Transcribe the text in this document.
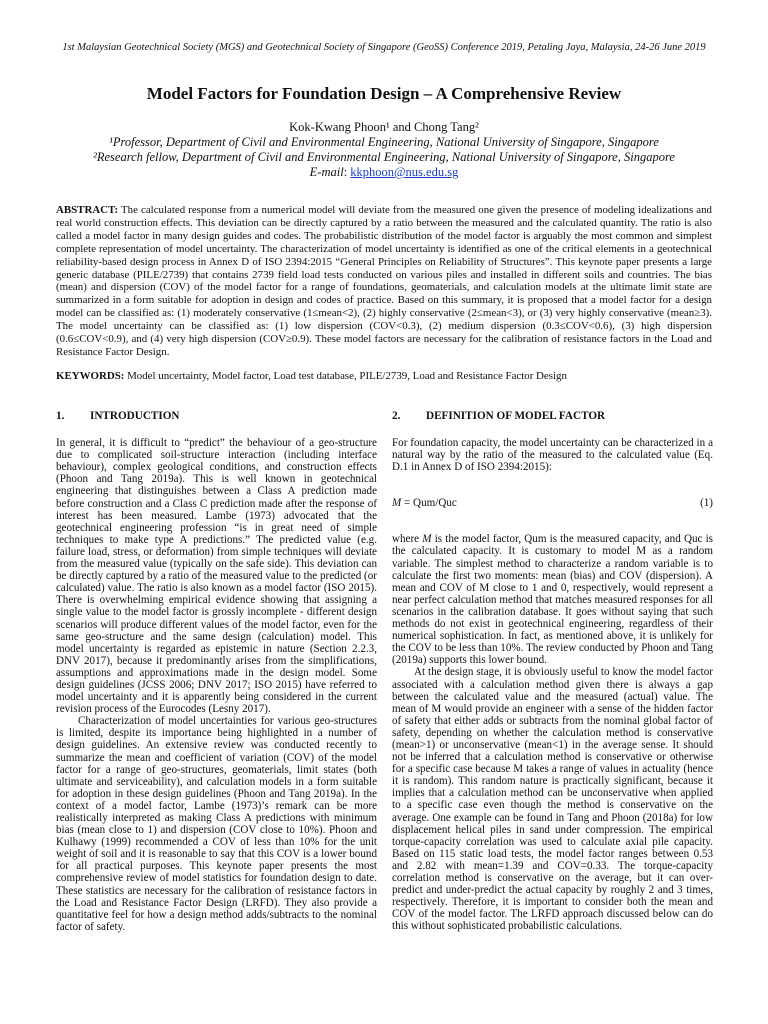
1st Malaysian Geotechnical Society (MGS) and Geotechnical Society of Singapore (GeoSS) Conference 2019, Petaling Jaya, Malaysia, 24-26 June 2019
Model Factors for Foundation Design – A Comprehensive Review
Kok-Kwang Phoon¹ and Chong Tang²
¹Professor, Department of Civil and Environmental Engineering, National University of Singapore, Singapore
²Research fellow, Department of Civil and Environmental Engineering, National University of Singapore, Singapore
E-mail: kkphoon@nus.edu.sg
ABSTRACT: The calculated response from a numerical model will deviate from the measured one given the presence of modeling idealizations and real world construction effects. This deviation can be directly captured by a ratio between the measured and the calculated quantity. The ratio is also called a model factor in many design guides and codes. The probabilistic distribution of the model factor is arguably the most common and simplest complete representation of model uncertainty. The characterization of model uncertainty is identified as one of the critical elements in a geotechnical reliability-based design process in Annex D of ISO 2394:2015 “General Principles on Reliability of Structures”. This keynote paper presents a large generic database (PILE/2739) that contains 2739 field load tests conducted on various piles and installed in different soils and countries. The bias (mean) and dispersion (COV) of the model factor for a range of foundations, geomaterials, and calculation models at the ultimate limit state are summarized in a form suitable for adoption in design and codes of practice. Based on this summary, it is proposed that a model factor for a design model can be classified as: (1) moderately conservative (1≤mean<2), (2) highly conservative (2≤mean<3), or (3) very highly conservative (mean≥3). The model uncertainty can be classified as: (1) low dispersion (COV<0.3), (2) medium dispersion (0.3≤COV<0.6), (3) high dispersion (0.6≤COV<0.9), and (4) very high dispersion (COV≥0.9). These model factors are necessary for the calibration of resistance factors in the Load and Resistance Factor Design.
KEYWORDS: Model uncertainty, Model factor, Load test database, PILE/2739, Load and Resistance Factor Design
1. INTRODUCTION

In general, it is difficult to “predict” the behaviour of a geo-structure due to complicated soil-structure interaction (including interface behaviour), complex geological conditions, and construction effects (Phoon and Tang 2019a). This is well known in geotechnical engineering that distinguishes between a Class A prediction made before construction and a Class C prediction made after the response of interest has been measured. Lambe (1973) advocated that the geotechnical engineering profession “is in great need of simple techniques to make type A predictions.” The predicted value (e.g. failure load, stress, or deformation) from simple techniques will deviate from the measured value (typically on the safe side). This deviation can be directly captured by a ratio of the measured value to the predicted (or calculated) value. The ratio is also known as a model factor (ISO 2015). There is overwhelming empirical evidence showing that assigning a single value to the model factor is grossly incomplete - different design scenarios will produce different values of the model factor, even for the same geo-structure and the same design (calculation) model. This model uncertainty is regarded as epistemic in nature (Section 2.2.3, DNV 2017), because it predominantly arises from the simplifications, assumptions and approximations made in the design model. Some design guidelines (JCSS 2006; DNV 2017; ISO 2015) have referred to model uncertainty and it is apparently being considered in the current revision process of the Eurocodes (Lesny 2017).

Characterization of model uncertainties for various geo-structures is limited, despite its importance being highlighted in a number of design guidelines. An extensive review was conducted recently to summarize the mean and coefficient of variation (COV) of the model factor for a range of geo-structures, geomaterials, limit states (both ultimate and serviceability), and calculation models in a form suitable for adoption in these design guidelines (Phoon and Tang 2019a). In the context of a model factor, Lambe (1973)’s remark can be more realistically interpreted as making Class A predictions with minimum bias (mean close to 1) and dispersion (COV close to 10%). Phoon and Kulhawy (1999) recommended a COV of less than 10% for the unit weight of soil and it is reasonable to say that this COV is a lower bound for all practical purposes. This keynote paper presents the most comprehensive review of model statistics for foundation design to date. These statistics are necessary for the calibration of resistance factors in the Load and Resistance Factor Design (LRFD). They also provide a quantitative feel for how a design method adds/subtracts to the nominal factor of safety.

2. DEFINITION OF MODEL FACTOR

For foundation capacity, the model uncertainty can be characterized in a natural way by the ratio of the measured to the calculated value (Eq. D.1 in Annex D of ISO 2394:2015):

M = Qum/Quc	(1)

where M is the model factor, Qum is the measured capacity, and Quc is the calculated capacity. It is customary to model M as a random variable. The simplest method to characterize a random variable is to calculate the first two moments: mean (bias) and COV (dispersion). A mean and COV of M close to 1 and 0, respectively, would represent a near perfect calculation method that matches measured responses for all scenarios in the calibration database. It goes without saying that such methods do not exist in geotechnical engineering, regardless of their numerical sophistication. In fact, as mentioned above, it is unlikely for the COV to be less than 10%. The review conducted by Phoon and Tang (2019a) supports this lower bound.

At the design stage, it is obviously useful to know the model factor associated with a calculation method given there is always a gap between the calculated value and the measured (actual) value. The mean of M would provide an engineer with a sense of the hidden factor of safety that either adds or subtracts from the nominal global factor of safety, depending on whether the calculation method is conservative (mean>1) or unconservative (mean<1) in the average sense. It should not be inferred that a calculation method is conservative or otherwise for a specific case because M takes a range of values in actuality (hence it is random). This random nature is practically significant, because it implies that a calculation method can be unconservative when applied to a specific case even though the method is conservative on the average. One example can be found in Tang and Phoon (2018a) for low displacement helical piles in sand under compression. The empirical torque-capacity correlation was used to calculate axial pile capacity. Based on 115 static load tests, the model factor ranges between 0.53 and 2.82 with mean=1.39 and COV=0.33. The torque-capacity correlation method is conservative on the average, but it can over-predict and under-predict the actual capacity by roughly 2 and 3 times, respectively. Therefore, it is important to consider both the mean and COV of the model factor. The LRFD approach discussed below can do this without sophisticated probabilistic calculations.
